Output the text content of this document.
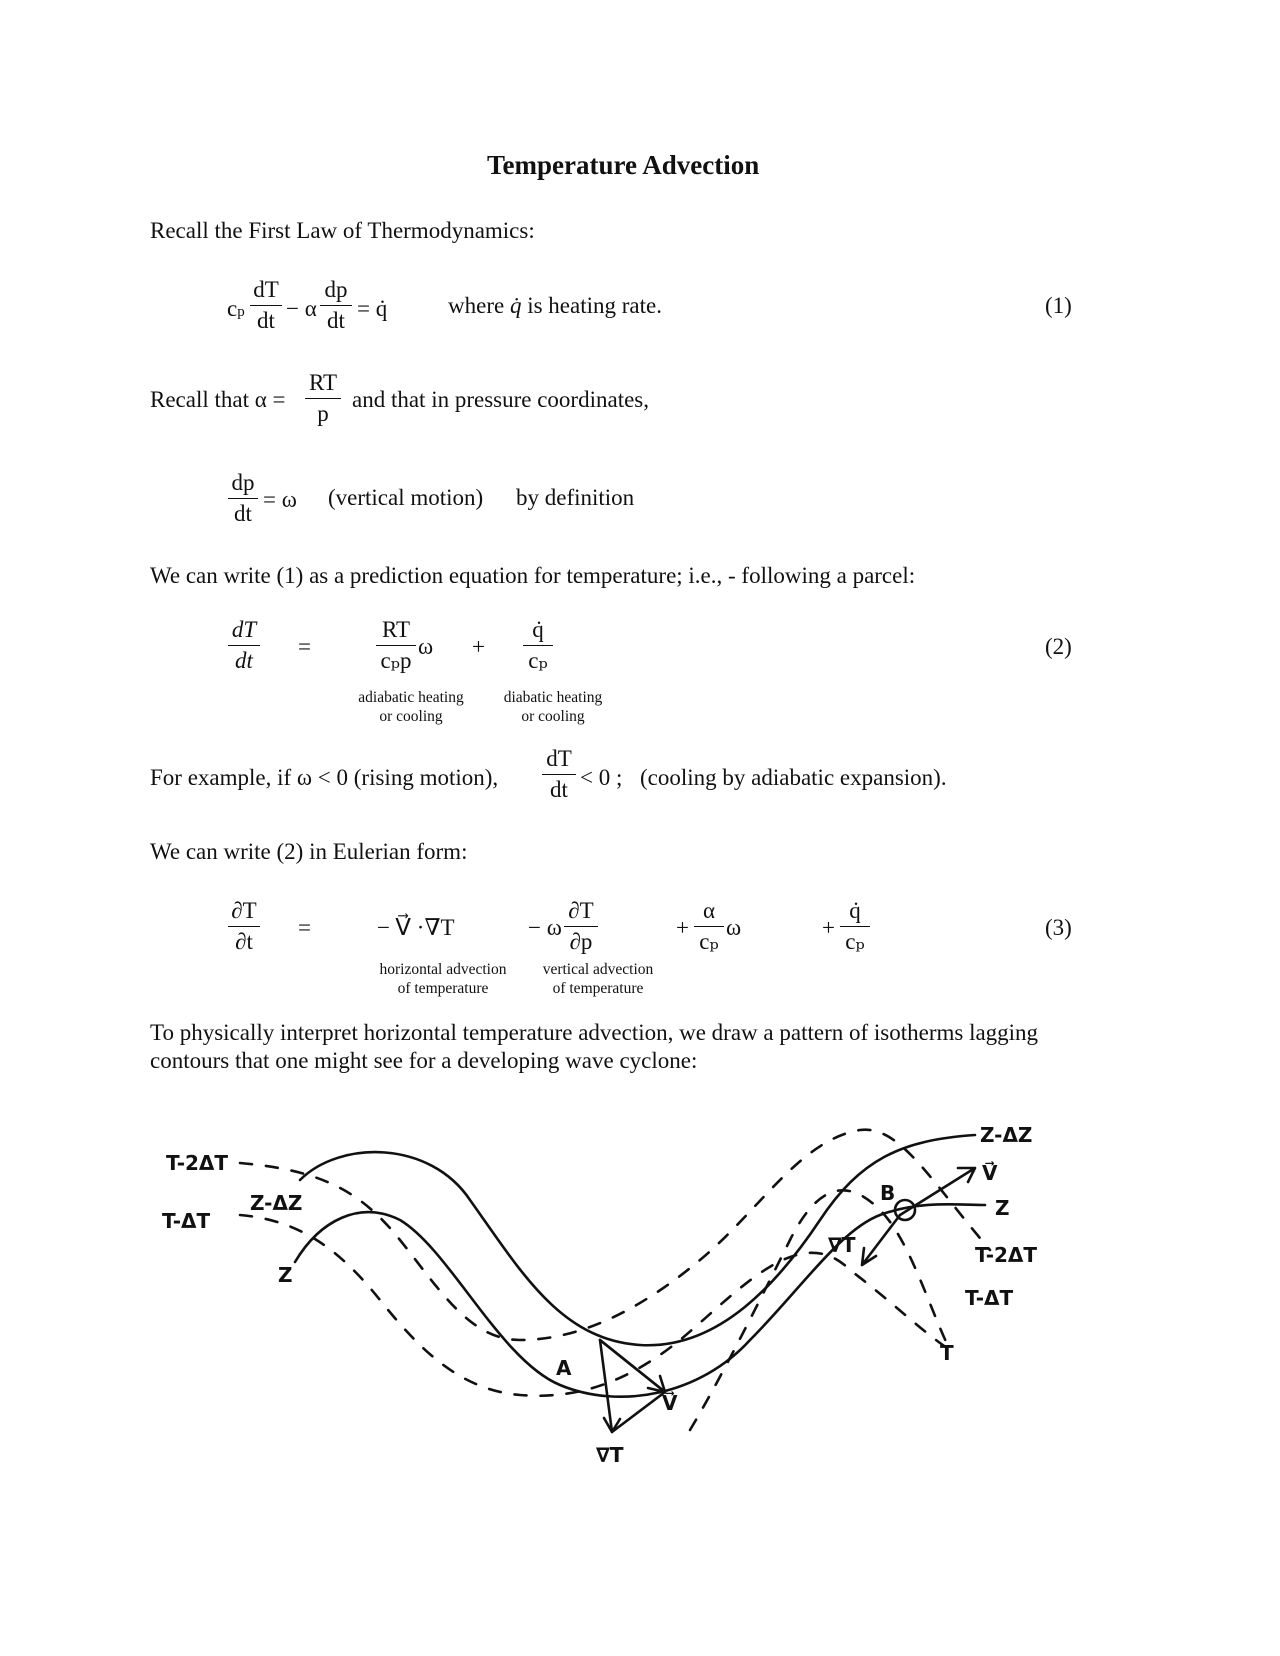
Temperature Advection
Recall the First Law of Thermodynamics:
cp
dT
dt − α
dp
dt = q̇	where q̇ is heating rate.	(1)
Recall that α =
RT
p
and that in pressure coordinates,
dp
dt
= ω (vertical motion) by definition
We can write (1) as a prediction equation for temperature; i.e., - following a parcel:
dT
dt
=
RT
cₚp
ω +
q̇
cₚ
adiabatic heating
or cooling
diabatic heating
or cooling
(2)
For example, if ω < 0 (rising motion),
dT
dt < 0 ; (cooling by adiabatic expansion).
We can write (2) in Eulerian form:
∂T
∂t
=	− V⃗ ·∇T	− ω
∂T
∂p
+
α
cₚ
ω	+
q̇
cₚ
horizontal advection
of temperature
vertical advection
of temperature
(3)
To physically interpret horizontal temperature advection, we draw a pattern of isotherms lagging
contours that one might see for a developing wave cyclone:
T-2ΔT
Z-ΔZ
T-ΔT
Z
Z-ΔZ
V⃗
Z
T-2ΔT
T-ΔT
T
A
B
∇T
∇T
V⃗
